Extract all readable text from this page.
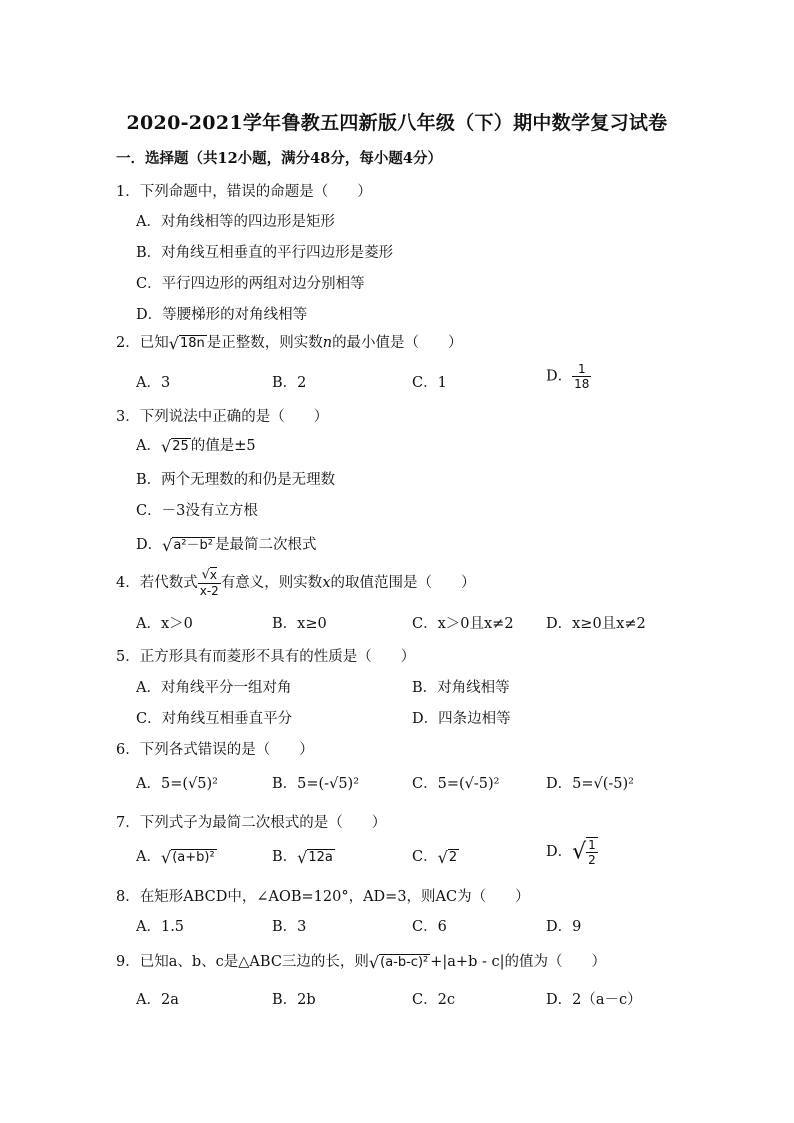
2020-2021学年鲁教五四新版八年级（下）期中数学复习试卷
一．选择题（共12小题，满分48分，每小题4分）
1．下列命题中，错误的命题是（　　）
A．对角线相等的四边形是矩形
B．对角线互相垂直的平行四边形是菱形
C．平行四边形的两组对边分别相等
D．等腰梯形的对角线相等
2．已知√18n 是正整数，则实数n的最小值是（　　）
A．3	B．2	C．1	D． $\frac{1}{18}$
3．下列说法中正确的是（　　）
A．√25 的值是±5
B．两个无理数的和仍是无理数
C．－3没有立方根
D．√a²－b² 是最简二次根式
4．若代数式 $\frac{√x}{x-2}$ 有意义，则实数x的取值范围是（　　）
A．x＞0	B．x≥0	C．x＞0且x≠2 D．x≥0且x≠2
5．正方形具有而菱形不具有的性质是（　　）
A．对角线平分一组对角	B．对角线相等
C．对角线互相垂直平分	D．四条边相等
6．下列各式错误的是（　　）
A．5=(√5)²	B．5=(-√5)²	C．5=(√-5)²	D．5=√(-5)²
7．下列式子为最简二次根式的是（　　）
A．√(a+b)²	B．√12a	C．√2	D．√ $\frac{1}{2}$
8．在矩形ABCD中，∠AOB=120°，AD=3，则AC为（　　）
A．1.5	B．3	C．6	D．9
9．已知a、b、c是△ABC三边的长，则√(a-b-c)² +|a+b - c|的值为（　　）
A．2a	B．2b	C．2c	D．2（a－c）
